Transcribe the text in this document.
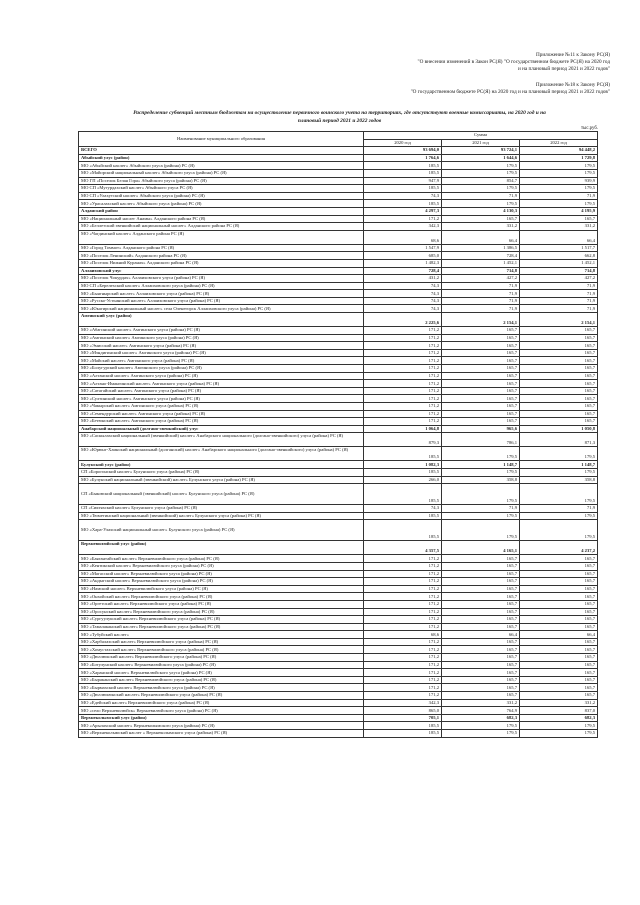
Приложение №11 к Закону РС(Я)
"О внесении изменений в Закон РС(Я) "О государственном бюджете РС(Я) на 2020 год
и на плановый период 2021 и 2022 годов"
Приложение №18 к Закону РС(Я)
"О государственном бюджете РС(Я) на 2020 год и на плановый период 2021 и 2022 годов"
Распределение субвенций местным бюджетам на осуществление первичного воинского учета на территориях, где отсутствуют военные комиссариаты, на 2020 год и на
плановый период 2021 и 2022 годов
тыс.руб.
Наименование муниципального образования	Сумма		
	2020 год	2021 год	2022 год
ВСЕГО	93 694,0	93 724,1	94 448,2
Абыйский улус (район)	1 764,6	1 644,6	1 729,8
МО «Абыйский наслег» Абыйского улуса (района) РС (Я)	185,5	179,5	179,5
МО «Майорский национальный наслег» Абыйского улуса (района) РС (Я)	185,5	179,5	179,5
МО ГП «Поселок Белая Гора» Абыйского улуса (района) РС (Я)	947,9	854,7	939,9
МО СП «Мугурдахский наслег» Абыйского улуса РС (Я)	185,5	179,5	179,5
МО СП «Улахутский наслег» Абыйского улуса (района) РС (Я)	74,3	71,9	71,9
МО «Урасалахский наслег» Абыйского улуса (района) РС (Я)	185,5	179,5	179,5
Алданский район	4 297,3	4 130,3	4 195,9
МО «Национальный наслег Анамы» Алданского района РС (Я)	171,2	165,7	165,7
МО «Беллетский эвенкийский национальный наслег» Алданского района РС (Я)	342,3	331,2	331,2
МО «Чагдинский наслег» Алданского района РС (Я)	68,6	66,4	66,4
МО «Город Томмот» Алданского района РС (Я)	1 547,9	1 386,5	1 517,7
МО «Поселок Ленинский» Алданского района РС (Я)	685,0	728,4	662,8
МО «Поселок Нижний Куранах» Алданского района РС (Я)	1 482,3	1 452,1	1 452,1
Аллаиховский улус	728,4	714,8	714,8
МО «Поселок Чокурдах» Аллаиховского улуса (района) РС (Я)	431,2	427,2	427,2
МО СП «Берелехский наслег» Аллаиховского улуса (района) РС (Я)	74,3	71,9	71,9
МО «Быягнырский наслег» Аллаиховского улуса (района) РС (Я)	74,3	71,9	71,9
МО «Русско-Устьинский наслег» Аллаиховского улуса (района) РС (Я)	74,3	71,9	71,9
МО «Юкагирский национальный наслег» села Оленегорск Аллаиховского улуса (района) РС (Я)	74,3	71,9	71,9
Амгинский улус (район)	2 225,6	2 154,1	2 154,1
МО «Абагинский наслег» Амгинского улуса (района) РС (Я)	171,2	165,7	165,7
МО «Амгинский наслег» Амгинского улуса (района) РС (Я)	171,2	165,7	165,7
МО «Эмисский наслег» Амгинского улуса (района) РС (Я)	171,2	165,7	165,7
МО «Мэндигинский наслег» Амгинского улуса (района) РС (Я)	171,2	165,7	165,7
МО «Майский наслег» Амгинского улуса (района) РС (Я)	171,2	165,7	165,7
МО «Болугурский наслег» Амгинского улуса (района) РС (Я)	171,2	165,7	165,7
МО «Алтанский наслег» Амгинского улуса (района) РС (Я)	171,2	165,7	165,7
МО «Алтано-Имангинский наслег» Амгинского улуса (района) РС (Я)	171,2	165,7	165,7
МО «Сатагайский наслег» Амгинского улуса (района) РС (Я)	171,2	165,7	165,7
МО «Султинский наслег» Амгинского улуса (района) РС (Я)	171,2	165,7	165,7
МО «Чакырский наслег» Амгинского улуса (района) РС (Я)	171,2	165,7	165,7
МО «Семендурский наслег» Амгинского улуса (района) РС (Я)	171,2	165,7	165,7
МО «Бетюнский наслег» Амгинского улуса (района) РС (Я)	171,2	165,7	165,7
Анабарский национальный (долгано-эвенкийский) улус	1 064,8	965,6	1 050,8
МО «Саскылахский национальный (эвенкийский) наслег» Анабарского национального (долгано-эвенкийского) улуса (района) РС (Я)	879,3	786,1	871,3
МО «Юрюнг-Хаинский национальный (долганский) наслег» Анабарского национального (долгано-эвенкийского) улуса (района) РС (Я)	185,5	179,5	179,5
Булунский улус (район)	1 082,3	1 148,7	1 148,7
СП «Борогонский наслег» Булунского улуса (района) РС (Я)	185,5	179,5	179,5
МО «Булунский национальный (эвенкийский) наслег» Булунского улуса (района) РС (Я)	266,0	358,8	358,8
СП «Быковский национальный (эвенкийский) наслег» Булунского улуса (района) РС (Я)	185,5	179,5	179,5
СП «Сиктяхский наслег» Булунского улуса (района) РС (Я)	74,3	71,9	71,9
МО «Тюметинский национальный (эвенкийский) наслег» Булунского улуса (района) РС (Я)	185,5	179,5	179,5
МО «Хара-Улахский национальный наслег» Булунского улуса (района) РС (Я)	185,5	179,5	179,5
Верхневилюйский улус (район)	4 357,5	4 165,1	4 237,2
МО «Баягантайский наслег» Верхневилюйского улуса (района) РС (Я)	171,2	165,7	165,7
МО «Кентикский наслег» Верхневилюйского улуса (района) РС (Я)	171,2	165,7	165,7
МО «Магасский наслег» Верхневилюйского улуса (района) РС (Я)	171,2	165,7	165,7
МО «Андыгский наслег» Верхневилюйского улуса (района) РС (Я)	171,2	165,7	165,7
МО «Намский наслег» Верхневилюйского улуса (района) РС (Я)	171,2	165,7	165,7
МО «Онхойский наслег» Верхневилюйского улуса (района) РС (Я)	171,2	165,7	165,7
МО «Оргетский наслег» Верхневилюйского улуса (района) РС (Я)	171,2	165,7	165,7
МО «Оросунский наслег» Верхневилюйского улуса (района) РС (Я)	171,2	165,7	165,7
МО «Сургуулукский наслег» Верхневилюйского улуса (района) РС (Я)	171,2	165,7	165,7
МО «Тамалаканский наслег» Верхневилюйского улуса (района) РС (Я)	171,2	165,7	165,7
МО «Тубуйский наслег»	68,6	66,4	66,4
МО «Харбалахский наслег» Верхневилюйского улуса (района) РС (Я)	171,2	165,7	165,7
МО «Хомустахский наслег» Верхневилюйского улуса (района) РС (Я)	171,2	165,7	165,7
МО «Дюллюкский наслег» Верхневилюйского улуса (района) РС (Я)	171,2	165,7	165,7
МО «Ботулунский наслег» Верхневилюйского улуса (района) РС (Я)	171,2	165,7	165,7
МО «Харанский наслег» Верхневилюйского улуса (района) РС (Я)	171,2	165,7	165,7
МО «Быраканский наслег» Верхневилюйского улуса (района) РС (Я)	171,2	165,7	165,7
МО «Бырмахский наслег» Верхневилюйского улуса (района) РС (Я)	171,2	165,7	165,7
МО «Дюллюкюнский наслег» Верхневилюйского улуса (района) РС (Я)	171,2	165,7	165,7
МО «Едейский наслег» Верхневилюйского улуса (района) РС (Я)	342,3	331,2	331,2
МО «село Верхневилюйск» Верхневилюйского улуса (района) РС (Я)	865,0	764,9	837,0
Верхнеколымский улус (район)	705,1	682,3	682,3
МО «Арылахский наслег» Верхнеколымского улуса (района) РС (Я)	185,5	179,5	179,5
МО «Верхнеколымский наслег » Верхнеколымского улуса (района) РС (Я)	185,5	179,5	179,5
